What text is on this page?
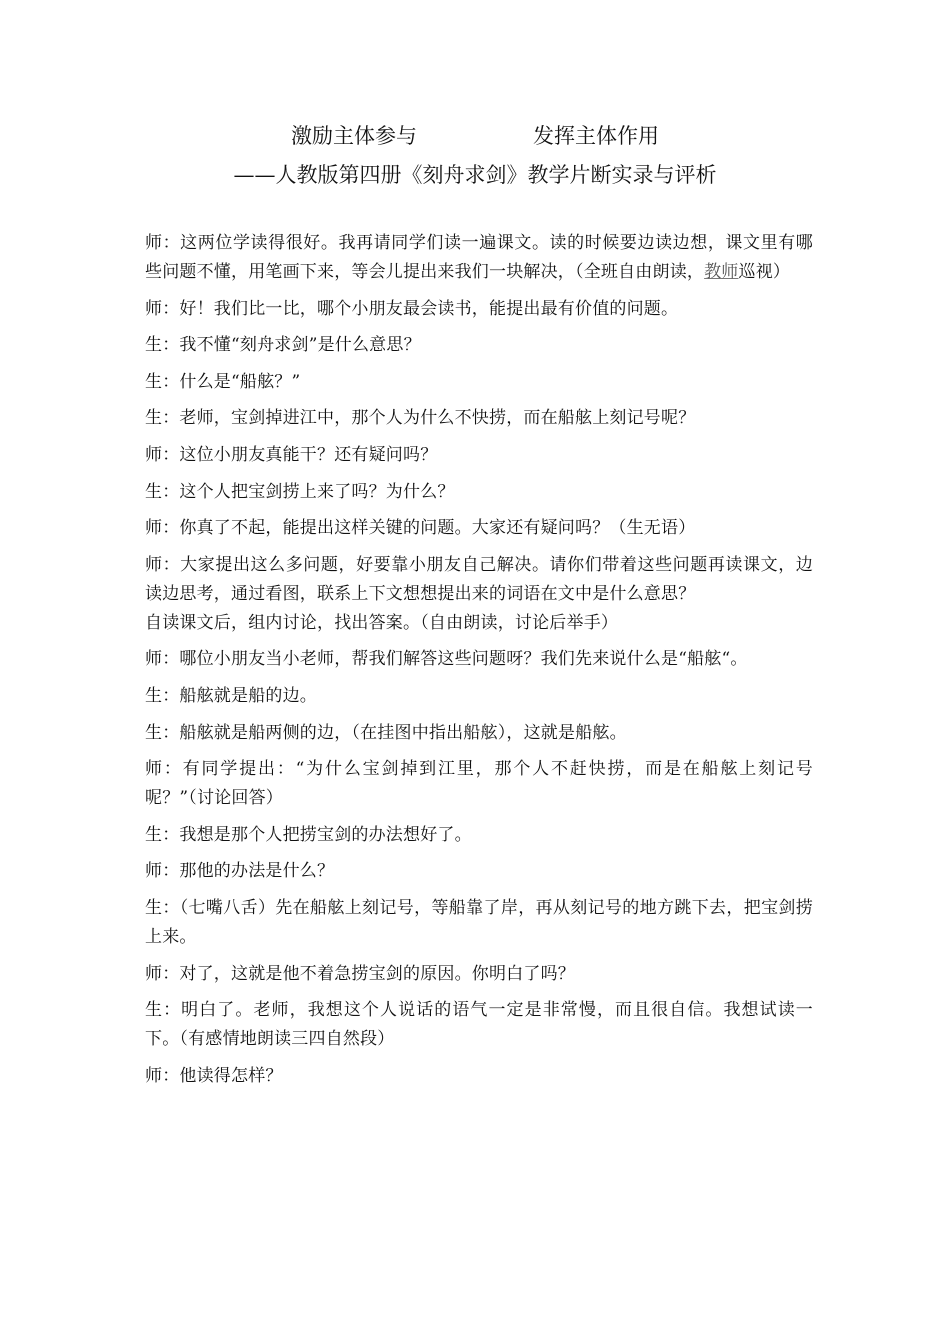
激励主体参与	发挥主体作用
——人教版第四册《刻舟求剑》教学片断实录与评析
师：这两位学读得很好。我再请同学们读一遍课文。读的时候要边读边想，课文里有哪些问题不懂，用笔画下来，等会儿提出来我们一块解决，（全班自由朗读，教师巡视）
师：好！我们比一比，哪个小朋友最会读书，能提出最有价值的问题。
生：我不懂“刻舟求剑”是什么意思？
生：什么是“船舷？”
生：老师，宝剑掉进江中，那个人为什么不快捞，而在船舷上刻记号呢？
师：这位小朋友真能干？还有疑问吗？
生：这个人把宝剑捞上来了吗？为什么？
师：你真了不起，能提出这样关键的问题。大家还有疑问吗？（生无语）
师：大家提出这么多问题，好要靠小朋友自己解决。请你们带着这些问题再读课文，边读边思考，通过看图，联系上下文想想提出来的词语在文中是什么意思？
自读课文后，组内讨论，找出答案。（自由朗读，讨论后举手）
师：哪位小朋友当小老师，帮我们解答这些问题呀？我们先来说什么是“船舷“。
生：船舷就是船的边。
生：船舷就是船两侧的边，（在挂图中指出船舷），这就是船舷。
师：有同学提出：“为什么宝剑掉到江里，那个人不赶快捞，而是在船舷上刻记号呢？”（讨论回答）
生：我想是那个人把捞宝剑的办法想好了。
师：那他的办法是什么？
生：（七嘴八舌）先在船舷上刻记号，等船靠了岸，再从刻记号的地方跳下去，把宝剑捞上来。
师：对了，这就是他不着急捞宝剑的原因。你明白了吗？
生：明白了。老师，我想这个人说话的语气一定是非常慢，而且很自信。我想试读一下。（有感情地朗读三四自然段）
师：他读得怎样？
